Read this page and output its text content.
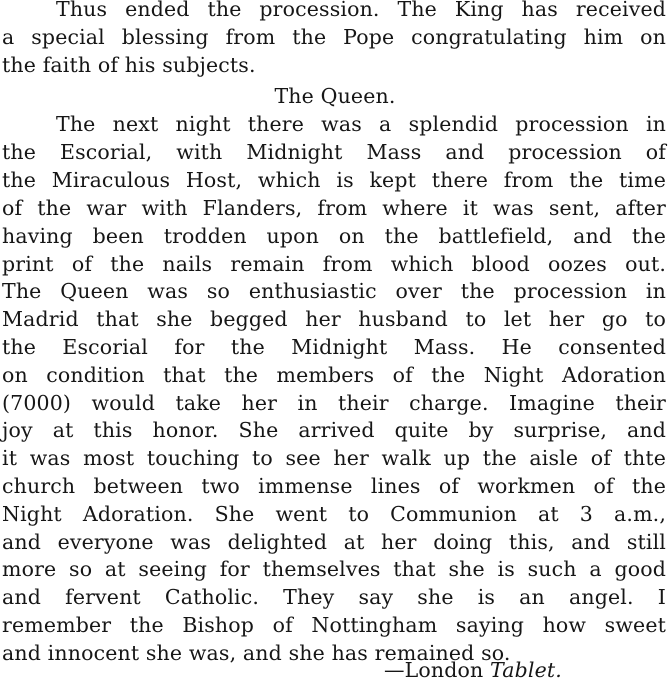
Thus ended the procession. The King has received
a special blessing from the Pope congratulating him on
the faith of his subjects.
The Queen.
The next night there was a splendid procession in
the Escorial, with Midnight Mass and procession of
the Miraculous Host, which is kept there from the time
of the war with Flanders, from where it was sent, after
having been trodden upon on the battlefield, and the
print of the nails remain from which blood oozes out.
The Queen was so enthusiastic over the procession in
Madrid that she begged her husband to let her go to
the Escorial for the Midnight Mass. He consented
on condition that the members of the Night Adoration
(7000) would take her in their charge. Imagine their
joy at this honor. She arrived quite by surprise, and
it was most touching to see her walk up the aisle of thte
church between two immense lines of workmen of the
Night Adoration. She went to Communion at 3 a.m.,
and everyone was delighted at her doing this, and still
more so at seeing for themselves that she is such a good
and fervent Catholic. They say she is an angel. I
remember the Bishop of Nottingham saying how sweet
and innocent she was, and she has remained so.
—London Tablet.
